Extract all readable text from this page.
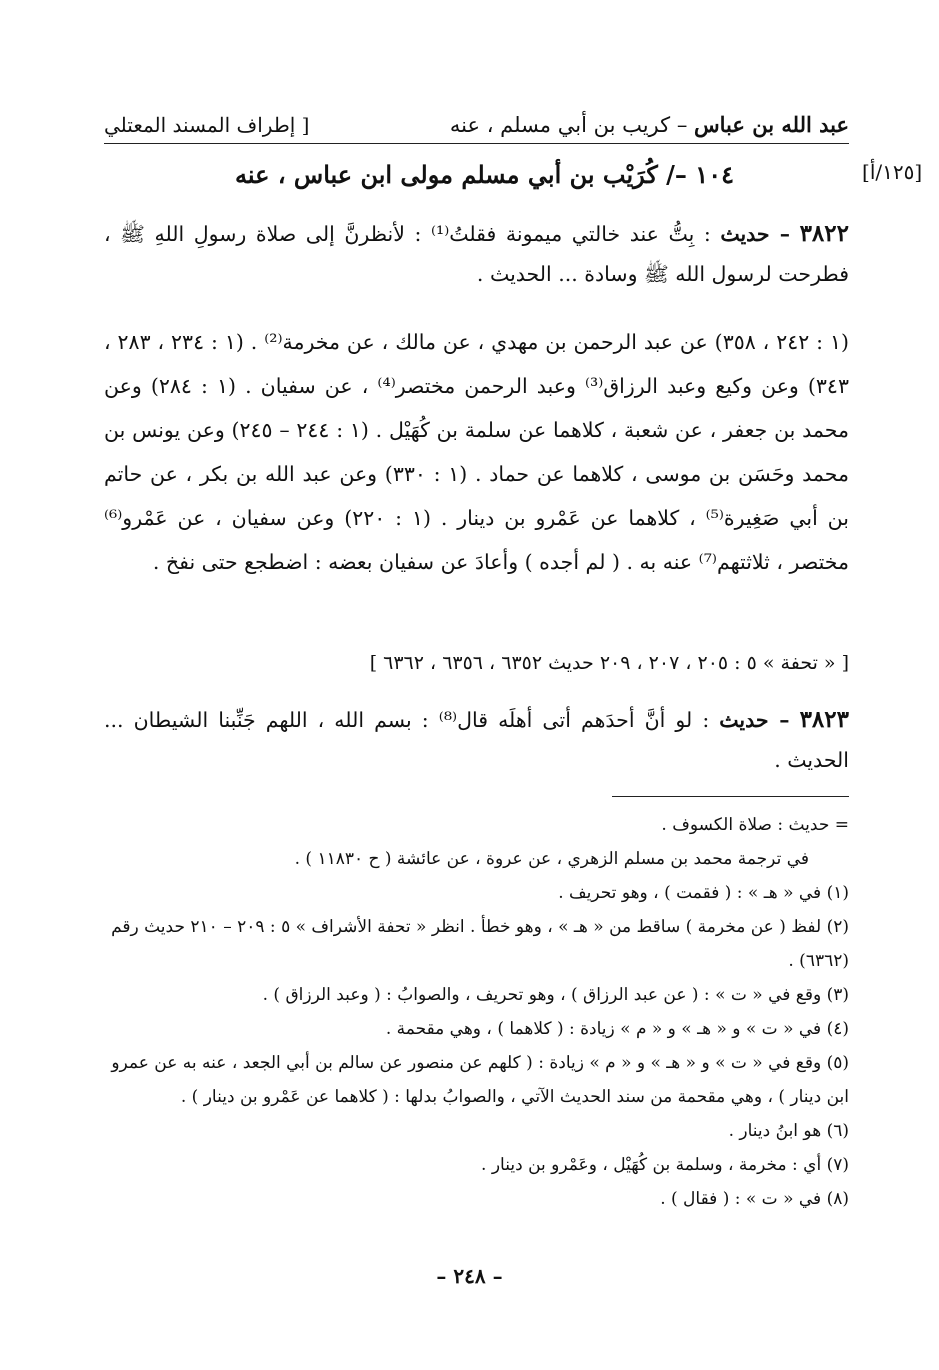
عبد الله بن عباس – كريب بن أبي مسلم ، عنه
[ إطراف المسند المعتلي
[١٢٥/أ]
١٠٤ –/ كُرَيْب بن أبي مسلم مولى ابن عباس ، عنه
٣٨٢٢ – حديث : بِتُّ عند خالتي ميمونة فقلتُ⁽¹⁾ : لأنظرنَّ إلى صلاة رسولِ اللهِ ﷺ ، فطرحت لرسول الله ﷺ وسادة ... الحديث .
(١ : ٢٤٢ ، ٣٥٨) عن عبد الرحمن بن مهدي ، عن مالك ، عن مخرمة⁽²⁾ . (١ : ٢٣٤ ، ٢٨٣ ، ٣٤٣) وعن وكيع وعبد الرزاق⁽³⁾ وعبد الرحمن مختصر⁽⁴⁾ ، عن سفيان . (١ : ٢٨٤) وعن محمد بن جعفر ، عن شعبة ، كلاهما عن سلمة بن كُهَيْل . (١ : ٢٤٤ – ٢٤٥) وعن يونس بن محمد وحَسَن بن موسى ، كلاهما عن حماد . (١ : ٣٣٠) وعن عبد الله بن بكر ، عن حاتم بن أبي صَغِيرة⁽⁵⁾ ، كلاهما عن عَمْرو بن دينار . (١ : ٢٢٠) وعن سفيان ، عن عَمْرو⁽⁶⁾ مختصر ، ثلاثتهم⁽⁷⁾ عنه به . ( لم أجده ) وأعادَ عن سفيان بعضه : اضطجع حتى نفخ .
[ « تحفة » ٥ : ٢٠٥ ، ٢٠٧ ، ٢٠٩ حديث ٦٣٥٢ ، ٦٣٥٦ ، ٦٣٦٢ ]
٣٨٢٣ – حديث : لو أنَّ أحدَهم أتى أهلَه قال⁽⁸⁾ : بسم الله ، اللهم جَنِّبنا الشيطان ... الحديث .

= حديث : صلاة الكسوف .

في ترجمة محمد بن مسلم الزهري ، عن عروة ، عن عائشة ( ح ١١٨٣٠ ) .

(١) في « هـ » : ( فقمت ) ، وهو تحريف .

(٢) لفظ ( عن مخرمة ) ساقط من « هـ » ، وهو خطأ . انظر « تحفة الأشراف » ٥ : ٢٠٩ – ٢١٠ حديث رقم (٦٣٦٢) .

(٣) وقع في « ت » : ( عن عبد الرزاق ) ، وهو تحريف ، والصوابُ : ( وعبد الرزاق ) .

(٤) في « ت » و « هـ » و « م » زيادة : ( كلاهما ) ، وهي مقحمة .

(٥) وقع في « ت » و « هـ » و « م » زيادة : ( كلهم عن منصور عن سالم بن أبي الجعد ، عنه به عن عمرو ابن دينار ) ، وهي مقحمة من سند الحديث الآتي ، والصوابُ بدلها : ( كلاهما عن عَمْرو بن دينار ) .

(٦) هو ابنُ دينار .

(٧) أي : مخرمة ، وسلمة بن كُهَيْل ، وعَمْرو بن دينار .

(٨) في « ت » : ( فقال ) .

– ٢٤٨ –
